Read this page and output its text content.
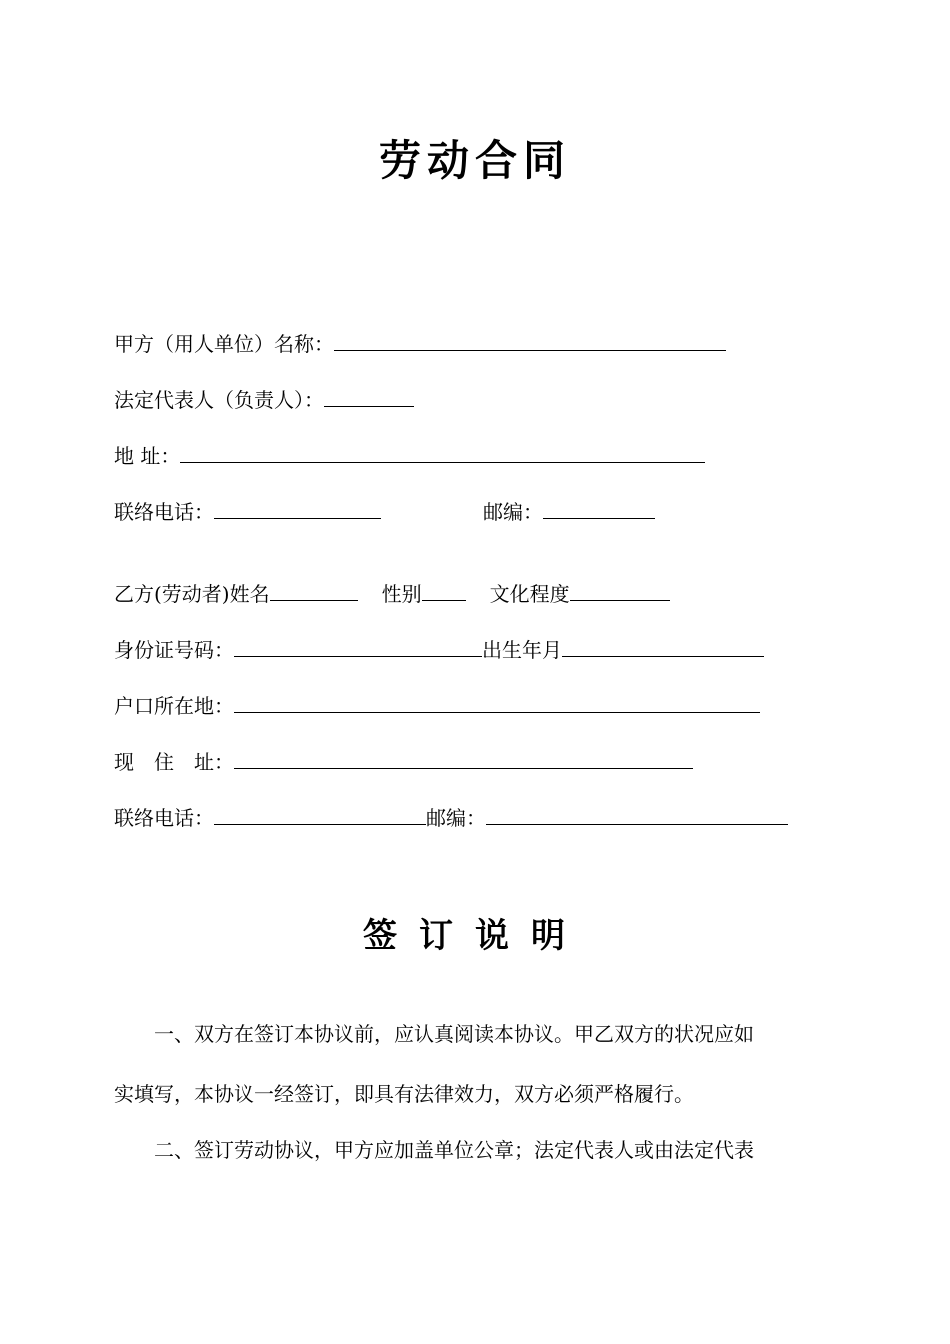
劳动合同
甲方（用人单位）名称：
法定代表人（负责人）：
地 址：
联络电话：	邮编：
乙方(劳动者)姓名	性别	文化程度
身份证号码：	出生年月
户口所在地：
现　住　址：
联络电话：	邮编：
签订说明
　　一、双方在签订本协议前，应认真阅读本协议。甲乙双方的状况应如
实填写，本协议一经签订，即具有法律效力，双方必须严格履行。
　　二、签订劳动协议，甲方应加盖单位公章；法定代表人或由法定代表
